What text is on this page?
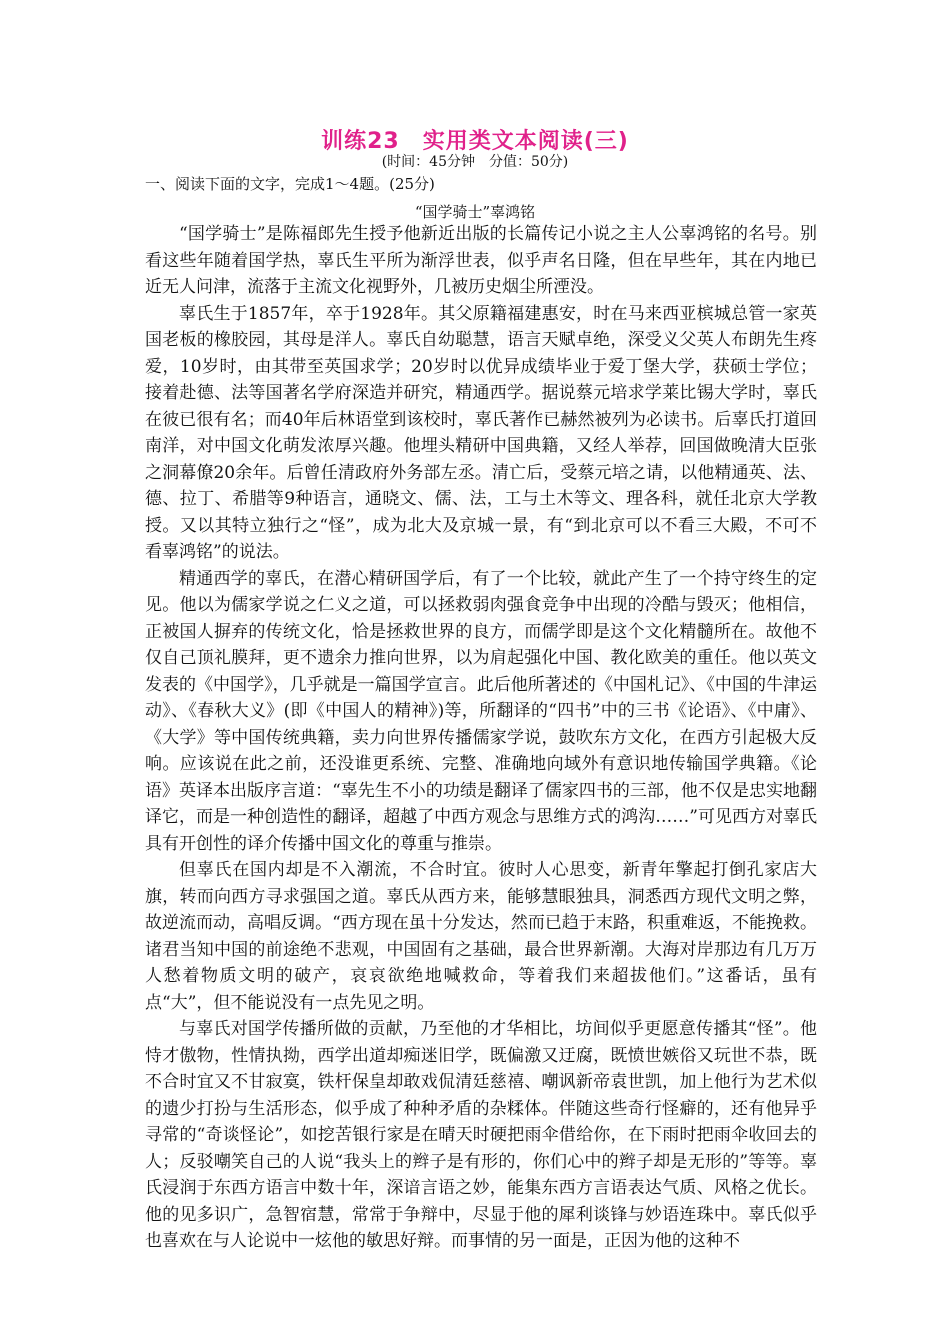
训练23　实用类文本阅读(三)
(时间：45分钟　分值：50分)
一、阅读下面的文字，完成1～4题。(25分)
“国学骑士”辜鸿铭

“国学骑士”是陈福郎先生授予他新近出版的长篇传记小说之主人公辜鸿铭的名号。别看这些年随着国学热，辜氏生平所为渐浮世表，似乎声名日隆，但在早些年，其在内地已近无人问津，流落于主流文化视野外，几被历史烟尘所湮没。

辜氏生于1857年，卒于1928年。其父原籍福建惠安，时在马来西亚槟城总管一家英国老板的橡胶园，其母是洋人。辜氏自幼聪慧，语言天赋卓绝，深受义父英人布朗先生疼爱，10岁时，由其带至英国求学；20岁时以优异成绩毕业于爱丁堡大学，获硕士学位；接着赴德、法等国著名学府深造并研究，精通西学。据说蔡元培求学莱比锡大学时，辜氏在彼已很有名；而40年后林语堂到该校时，辜氏著作已赫然被列为必读书。后辜氏打道回南洋，对中国文化萌发浓厚兴趣。他埋头精研中国典籍，又经人举荐，回国做晚清大臣张之洞幕僚20余年。后曾任清政府外务部左丞。清亡后，受蔡元培之请，以他精通英、法、德、拉丁、希腊等9种语言，通晓文、儒、法，工与土木等文、理各科，就任北京大学教授。又以其特立独行之“怪”，成为北大及京城一景，有“到北京可以不看三大殿，不可不看辜鸿铭”的说法。

精通西学的辜氏，在潜心精研国学后，有了一个比较，就此产生了一个持守终生的定见。他以为儒家学说之仁义之道，可以拯救弱肉强食竞争中出现的冷酷与毁灭；他相信，正被国人摒弃的传统文化，恰是拯救世界的良方，而儒学即是这个文化精髓所在。故他不仅自己顶礼膜拜，更不遗余力推向世界，以为肩起强化中国、教化欧美的重任。他以英文发表的《中国学》，几乎就是一篇国学宣言。此后他所著述的《中国札记》、《中国的牛津运动》、《春秋大义》(即《中国人的精神》)等，所翻译的“四书”中的三书《论语》、《中庸》、《大学》等中国传统典籍，卖力向世界传播儒家学说，鼓吹东方文化，在西方引起极大反响。应该说在此之前，还没谁更系统、完整、准确地向域外有意识地传输国学典籍。《论语》英译本出版序言道：“辜先生不小的功绩是翻译了儒家四书的三部，他不仅是忠实地翻译它，而是一种创造性的翻译，超越了中西方观念与思维方式的鸿沟……”可见西方对辜氏具有开创性的译介传播中国文化的尊重与推崇。

但辜氏在国内却是不入潮流，不合时宜。彼时人心思变，新青年擎起打倒孔家店大旗，转而向西方寻求强国之道。辜氏从西方来，能够慧眼独具，洞悉西方现代文明之弊，故逆流而动，高唱反调。“西方现在虽十分发达，然而已趋于末路，积重难返，不能挽救。诸君当知中国的前途绝不悲观，中国固有之基础，最合世界新潮。大海对岸那边有几万万人愁着物质文明的破产，哀哀欲绝地喊救命，等着我们来超拔他们。”这番话，虽有点“大”，但不能说没有一点先见之明。

与辜氏对国学传播所做的贡献，乃至他的才华相比，坊间似乎更愿意传播其“怪”。他恃才傲物，性情执拗，西学出道却痴迷旧学，既偏激又迂腐，既愤世嫉俗又玩世不恭，既不合时宜又不甘寂寞，铁杆保皇却敢戏侃清廷慈禧、嘲讽新帝袁世凯，加上他行为艺术似的遗少打扮与生活形态，似乎成了种种矛盾的杂糅体。伴随这些奇行怪癖的，还有他异乎寻常的“奇谈怪论”，如挖苦银行家是在晴天时硬把雨伞借给你，在下雨时把雨伞收回去的人；反驳嘲笑自己的人说“我头上的辫子是有形的，你们心中的辫子却是无形的”等等。辜氏浸润于东西方语言中数十年，深谙言语之妙，能集东西方言语表达气质、风格之优长。他的见多识广，急智宿慧，常常于争辩中，尽显于他的犀利谈锋与妙语连珠中。辜氏似乎也喜欢在与人论说中一炫他的敏思好辩。而事情的另一面是，正因为他的这种不
